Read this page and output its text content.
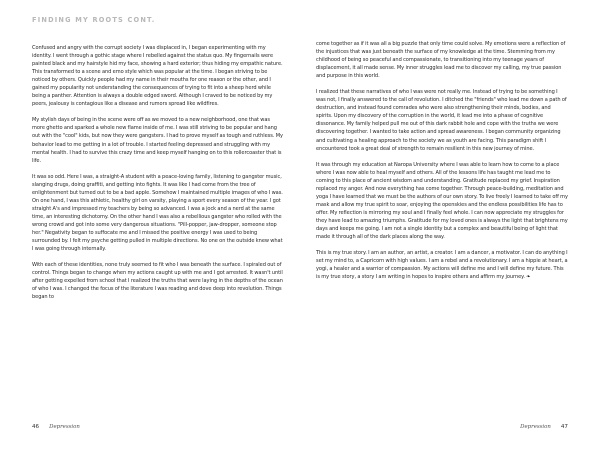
FINDING MY ROOTS CONT.

Confused and angry with the corrupt society I was displaced in, I began experimenting with my identity. I went through a gothic stage where I rebelled against the status quo. My fingernails were painted black and my hairstyle hid my face, showing a hard exterior; thus hiding my empathic nature. This transformed to a scene and emo style which was popular at the time. I began striving to be noticed by others. Quickly people had my name in their mouths for one reason or the other, and I gained my popularity not understanding the consequences of trying to fit into a sheep herd while being a panther. Attention is always a double edged sword. Although I craved to be noticed by my peers, jealousy is contagious like a disease and rumors spread like wildfires.

My stylish days of being in the scene were off as we moved to a new neighborhood, one that was more ghetto and sparked a whole new flame inside of me. I was still striving to be popular and hang out with the "cool" kids, but now they were gangsters. I had to prove myself as tough and ruthless. My behavior lead to me getting in a lot of trouble. I started feeling depressed and struggling with my mental health. I had to survive this crazy time and keep myself hanging on to this rollercoaster that is life.

It was so odd. Here I was, a straight-A student with a peace-loving family, listening to gangster music, slanging drugs, doing graffiti, and getting into fights. It was like I had come from the tree of enlightenment but turned out to be a bad apple. Somehow I maintained multiple images of who I was. On one hand, I was this athletic, healthy girl on varsity, playing a sport every season of the year. I got straight A's and impressed my teachers by being so advanced. I was a jock and a nerd at the same time, an interesting dichotomy. On the other hand I was also a rebellious gangster who rolled with the wrong crowd and got into some very dangerous situations. "Pill-popper, jaw-dropper, someone stop her." Negativity began to suffocate me and I missed the positive energy I was used to being surrounded by. I felt my psyche getting pulled in multiple directions. No one on the outside knew what I was going through internally.

With each of these identities, none truly seemed to fit who I was beneath the surface. I spiraled out of control. Things began to change when my actions caught up with me and I got arrested. It wasn't until after getting expelled from school that I realized the truths that were laying in the depths of the ocean of who I was. I changed the focus of the literature I was reading and dove deep into revolution. Things began to

come together as if it was all a big puzzle that only time could solve. My emotions were a reflection of the injustices that was just beneath the surface of my knowledge at the time. Stemming from my childhood of being so peaceful and compassionate, to transitioning into my teenage years of displacement, it all made sense. My inner struggles lead me to discover my calling, my true passion and purpose in this world.

I realized that these narratives of who I was were not really me. Instead of trying to be something I was not, I finally answered to the call of revolution. I ditched the "friends" who lead me down a path of destruction, and instead found comrades who were also strengthening their minds, bodies, and spirits. Upon my discovery of the corruption in the world, it lead me into a phase of cognitive dissonance. My family helped pull me out of this dark rabbit hole and cope with the truths we were discovering together. I wanted to take action and spread awareness. I began community organizing and cultivating a healing approach to the society we as youth are facing. This paradigm shift I encountered took a great deal of strength to remain resilient in this new journey of mine.

It was through my education at Naropa University where I was able to learn how to come to a place where I was now able to heal myself and others. All of the lessons life has taught me lead me to coming to this place of ancient wisdom and understanding. Gratitude replaced my grief. Inspiration replaced my anger. And now everything has come together. Through peace-building, meditation and yoga I have learned that we must be the authors of our own story. To live freely I learned to take off my mask and allow my true spirit to soar, enjoying the openskies and the endless possibilities life has to offer. My reflection is mirroring my soul and I finally feel whole. I can now appreciate my struggles for they have lead to amazing triumphs. Gratitude for my loved ones is always the light that brightens my days and keeps me going. I am not a single identity but a complex and beautiful being of light that made it through all of the dark places along the way.

This is my true story. I am an author, an artist, a creator. I am a dancer, a motivator. I can do anything I set my mind to, a Capricorn with high values. I am a rebel and a revolutionary. I am a hippie at heart, a yogi, a healer and a warrior of compassion. My actions will define me and I will define my future. This is my true story, a story I am writing in hopes to inspire others and affirm my journey. ❧

46 Depression	Depression 47
